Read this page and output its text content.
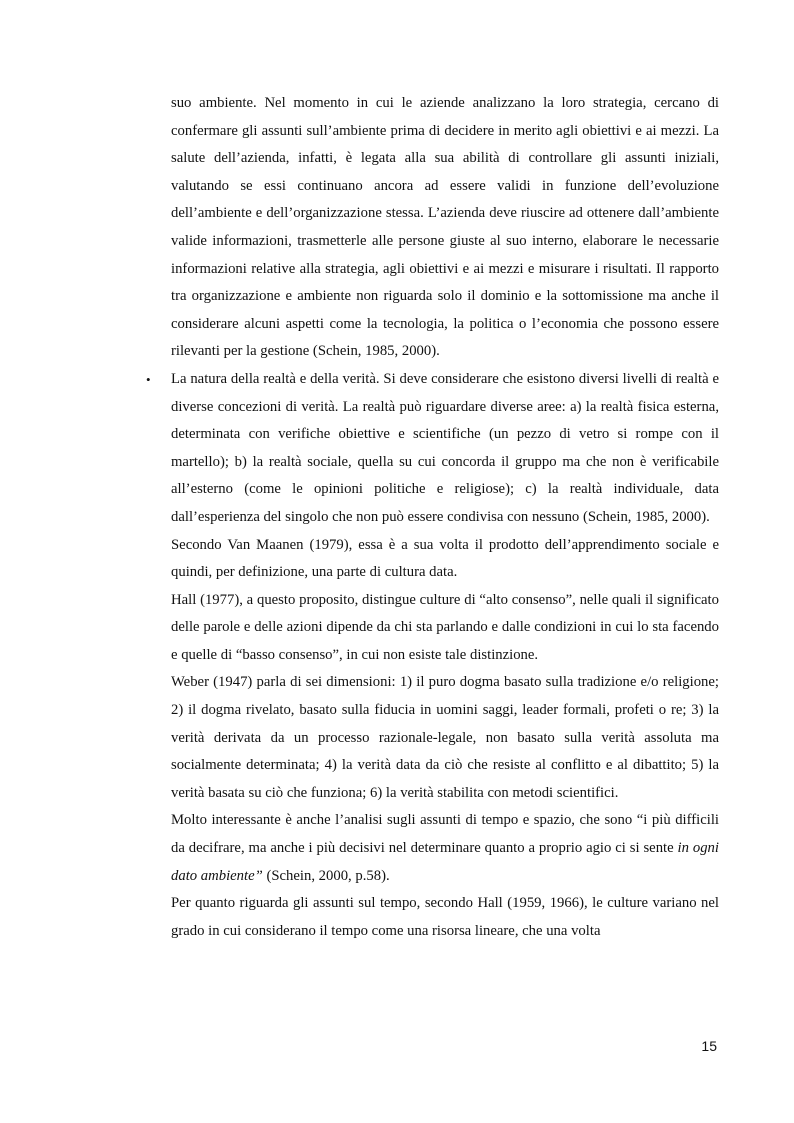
suo ambiente. Nel momento in cui le aziende analizzano la loro strategia, cercano di confermare gli assunti sull’ambiente prima di decidere in merito agli obiettivi e ai mezzi. La salute dell’azienda, infatti, è legata alla sua abilità di controllare gli assunti iniziali, valutando se essi continuano ancora ad essere validi in funzione dell’evoluzione dell’ambiente e dell’organizzazione stessa. L’azienda deve riuscire ad ottenere dall’ambiente valide informazioni, trasmetterle alle persone giuste al suo interno, elaborare le necessarie informazioni relative alla strategia, agli obiettivi e ai mezzi e misurare i risultati. Il rapporto tra organizzazione e ambiente non riguarda solo il dominio e la sottomissione ma anche il considerare alcuni aspetti come la tecnologia, la politica o l’economia che possono essere rilevanti per la gestione (Schein, 1985, 2000).

• La natura della realtà e della verità. Si deve considerare che esistono diversi livelli di realtà e diverse concezioni di verità. La realtà può riguardare diverse aree: a) la realtà fisica esterna, determinata con verifiche obiettive e scientifiche (un pezzo di vetro si rompe con il martello); b) la realtà sociale, quella su cui concorda il gruppo ma che non è verificabile all’esterno (come le opinioni politiche e religiose); c) la realtà individuale, data dall’esperienza del singolo che non può essere condivisa con nessuno (Schein, 1985, 2000).

Secondo Van Maanen (1979), essa è a sua volta il prodotto dell’apprendimento sociale e quindi, per definizione, una parte di cultura data.

Hall (1977), a questo proposito, distingue culture di “alto consenso”, nelle quali il significato delle parole e delle azioni dipende da chi sta parlando e dalle condizioni in cui lo sta facendo e quelle di “basso consenso”, in cui non esiste tale distinzione.

Weber (1947) parla di sei dimensioni: 1) il puro dogma basato sulla tradizione e/o religione; 2) il dogma rivelato, basato sulla fiducia in uomini saggi, leader formali, profeti o re; 3) la verità derivata da un processo razionale-legale, non basato sulla verità assoluta ma socialmente determinata; 4) la verità data da ciò che resiste al conflitto e al dibattito; 5) la verità basata su ciò che funziona; 6) la verità stabilita con metodi scientifici.

Molto interessante è anche l’analisi sugli assunti di tempo e spazio, che sono “i più difficili da decifrare, ma anche i più decisivi nel determinare quanto a proprio agio ci si sente in ogni dato ambiente” (Schein, 2000, p.58).

Per quanto riguarda gli assunti sul tempo, secondo Hall (1959, 1966), le culture variano nel grado in cui considerano il tempo come una risorsa lineare, che una volta

15
